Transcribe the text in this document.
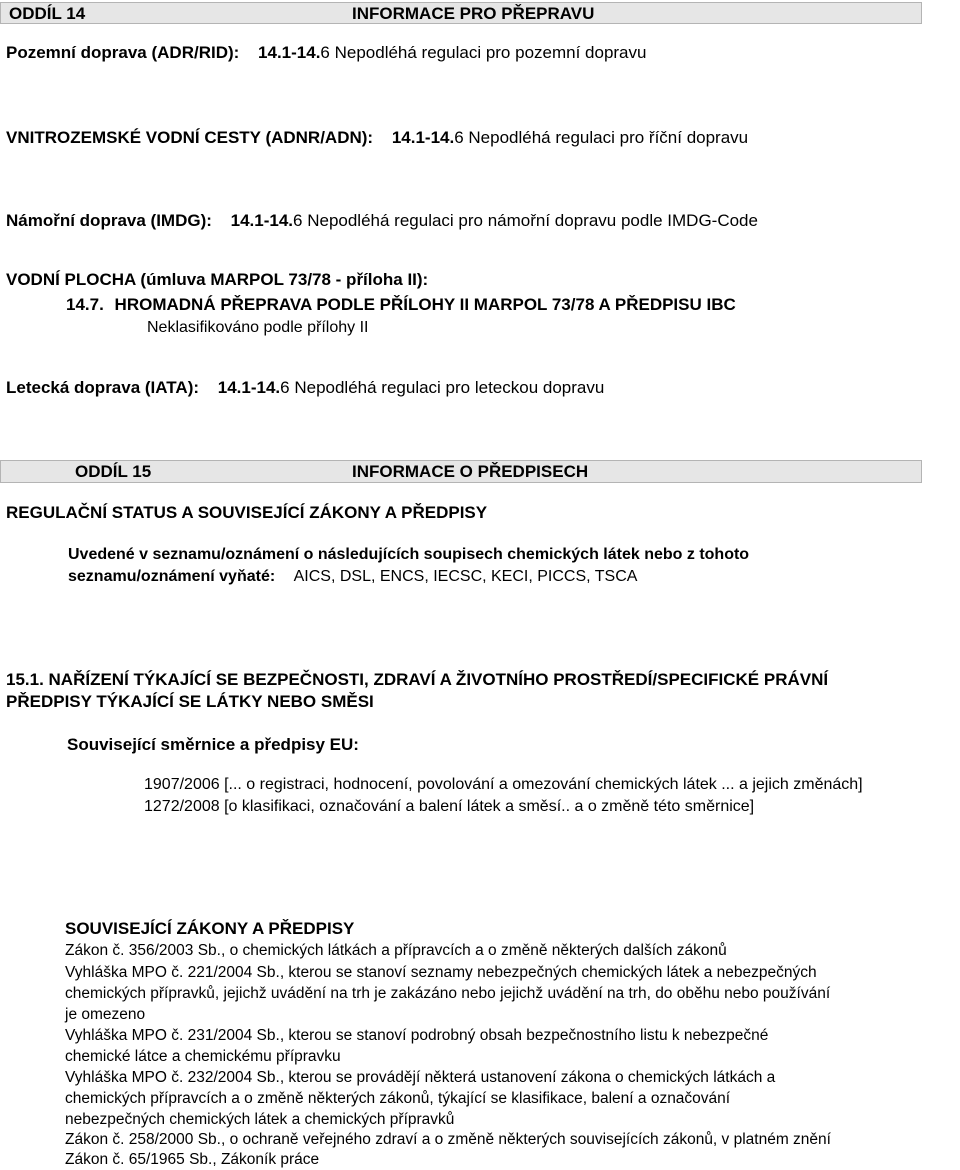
ODDÍL 14	INFORMACE PRO PŘEPRAVU
Pozemní doprava (ADR/RID): 14.1-14.6 Nepodléhá regulaci pro pozemní dopravu
VNITROZEMSKÉ VODNÍ CESTY (ADNR/ADN): 14.1-14.6 Nepodléhá regulaci pro říční dopravu
Námořní doprava (IMDG): 14.1-14.6 Nepodléhá regulaci pro námořní dopravu podle IMDG-Code
VODNÍ PLOCHA (úmluva MARPOL 73/78 - příloha II):
14.7. HROMADNÁ PŘEPRAVA PODLE PŘÍLOHY II MARPOL 73/78 A PŘEDPISU IBC
Neklasifikováno podle přílohy II
Letecká doprava (IATA): 14.1-14.6 Nepodléhá regulaci pro leteckou dopravu
ODDÍL 15	INFORMACE O PŘEDPISECH
REGULAČNÍ STATUS A SOUVISEJÍCÍ ZÁKONY A PŘEDPISY
Uvedené v seznamu/oznámení o následujících soupisech chemických látek nebo z tohoto
seznamu/oznámení vyňaté: AICS, DSL, ENCS, IECSC, KECI, PICCS, TSCA
15.1. NAŘÍZENÍ TÝKAJÍCÍ SE BEZPEČNOSTI, ZDRAVÍ A ŽIVOTNÍHO PROSTŘEDÍ/SPECIFICKÉ PRÁVNÍ
PŘEDPISY TÝKAJÍCÍ SE LÁTKY NEBO SMĚSI
Související směrnice a předpisy EU:
1907/2006 [... o registraci, hodnocení, povolování a omezování chemických látek ... a jejich změnách]
1272/2008 [o klasifikaci, označování a balení látek a směsí.. a o změně této směrnice]
SOUVISEJÍCÍ ZÁKONY A PŘEDPISY
Zákon č. 356/2003 Sb., o chemických látkách a přípravcích a o změně některých dalších zákonů
Vyhláška MPO č. 221/2004 Sb., kterou se stanoví seznamy nebezpečných chemických látek a nebezpečných
chemických přípravků, jejichž uvádění na trh je zakázáno nebo jejichž uvádění na trh, do oběhu nebo používání
je omezeno
Vyhláška MPO č. 231/2004 Sb., kterou se stanoví podrobný obsah bezpečnostního listu k nebezpečné
chemické látce a chemickému přípravku
Vyhláška MPO č. 232/2004 Sb., kterou se provádějí některá ustanovení zákona o chemických látkách a
chemických přípravcích a o změně některých zákonů, týkající se klasifikace, balení a označování
nebezpečných chemických látek a chemických přípravků
Zákon č. 258/2000 Sb., o ochraně veřejného zdraví a o změně některých souvisejících zákonů, v platném znění
Zákon č. 65/1965 Sb., Zákoník práce
